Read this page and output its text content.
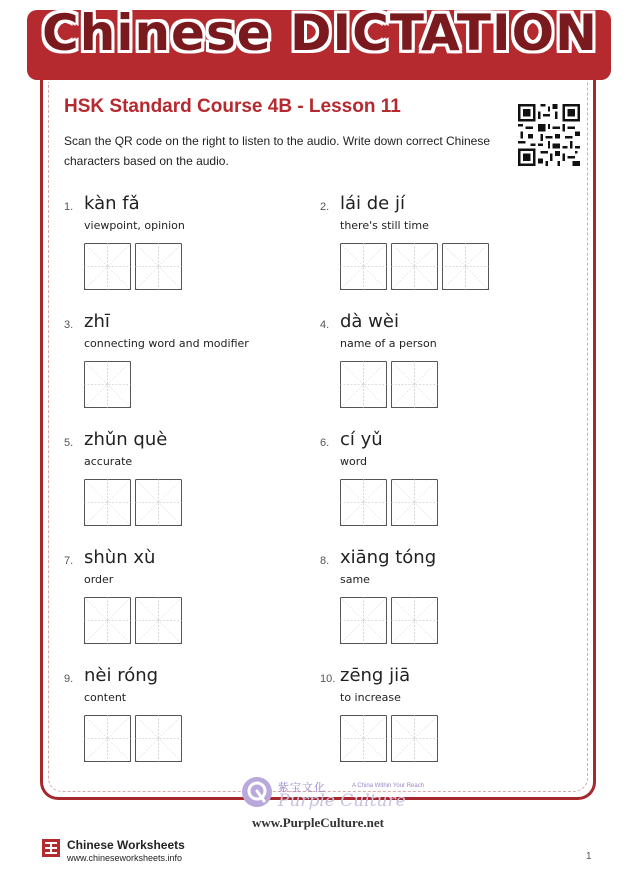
Chinese DICTATION
HSK Standard Course 4B - Lesson 11
Scan the QR code on the right to listen to the audio. Write down correct Chinese characters based on the audio.
1. kàn fǎ
viewpoint, opinion
2. lái de jí
there's still time
3. zhī
connecting word and modifier
4. dà wèi
name of a person
5. zhǔn què
accurate
6. cí yǔ
word
7. shùn xù
order
8. xiāng tóng
same
9. nèi róng
content
10. zēng jiā
to increase
紫宝文化	A China Within Your Reach
Purple Culture
www.PurpleCulture.net
Chinese Worksheets
www.chineseworksheets.info	1
